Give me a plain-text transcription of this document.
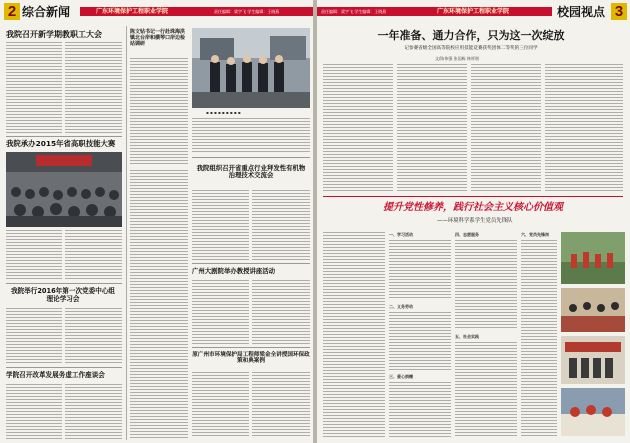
2 综合新闻	广东环境保护工程职业学院	责任编辑：梁宇飞 学生编辑：王晓燕
我院召开新学期教职工大会
我院承办2015年省高职技能大赛
我院举行2016年第一次党委中心组理论学习会
学院召开改革发展务虚工作座谈会
陈文钻书记一行赴珠海洪镇北台岸和横琴口岸边检站调研
▪ ▪ ▪ ▪ ▪ ▪ ▪ ▪ ▪
我院组织召开省重点行业拜发性有机物治理技术交流会
广州大剧院举办教授讲座活动
原广州市环境保护局工程师梁金全讲授国环保政策和典案例
责任编辑：梁宇飞 学生编辑：王晓燕	广东环境保护工程职业学院	校园视点 3
一年准备、通力合作，只为这一次绽放
记参赛省级全国高等院校应用技能竞赛获奖团体二等奖的三位同学
文/陈伟强 张国栋 林厚朋
提升党性修养，践行社会主义核心价值观
——环境科学系学生党员先锋队
一、学习活动
二、义务劳动
三、爱心捐赠
四、志愿服务
五、社会实践
六、党员先锋岗
